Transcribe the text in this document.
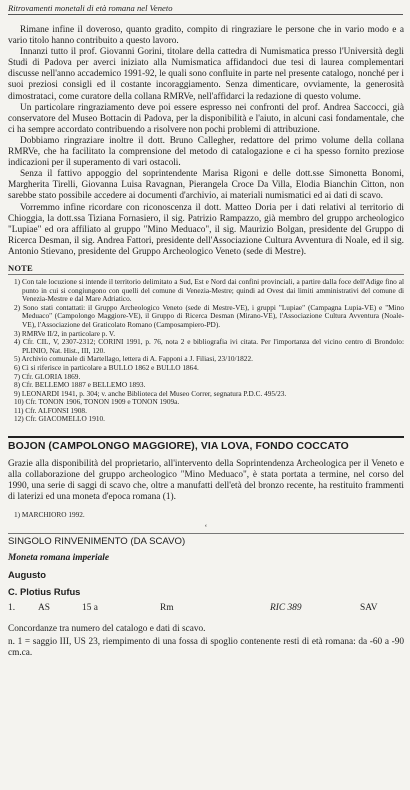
Ritrovamenti monetali di età romana nel Veneto

Rimane infine il doveroso, quanto gradito, compito di ringraziare le persone che in vario modo e a vario titolo hanno contribuito a questo lavoro.

Innanzi tutto il prof. Giovanni Gorini, titolare della cattedra di Numismatica presso l'Università degli Studi di Padova per averci iniziato alla Numismatica affidandoci due tesi di laurea complementari discusse nell'anno accademico 1991-92, le quali sono confluite in parte nel presente catalogo, nonché per i suoi preziosi consigli ed il costante incoraggiamento. Senza dimenticare, ovviamente, la generosità dimostrataci, come curatore della collana RMRVe, nell'affidarci la redazione di questo volume.

Un particolare ringraziamento deve poi essere espresso nei confronti del prof. Andrea Saccocci, già conservatore del Museo Bottacin di Padova, per la disponibilità e l'aiuto, in alcuni casi fondamentale, che ci ha sempre accordato contribuendo a risolvere non pochi problemi di attribuzione.

Dobbiamo ringraziare inoltre il dott. Bruno Callegher, redattore del primo volume della collana RMRVe, che ha facilitato la comprensione del metodo di catalogazione e ci ha spesso fornito preziose indicazioni per il superamento di vari ostacoli.

Senza il fattivo appoggio del soprintendente Marisa Rigoni e delle dott.sse Simonetta Bonomi, Margherita Tirelli, Giovanna Luisa Ravagnan, Pierangela Croce Da Villa, Elodia Bianchin Citton, non sarebbe stato possibile accedere ai documenti d'archivio, ai materiali numismatici ed ai dati di scavo.

Vorremmo infine ricordare con riconoscenza il dott. Matteo Doria per i dati relativi al territorio di Chioggia, la dott.ssa Tiziana Fornasiero, il sig. Patrizio Rampazzo, già membro del gruppo archeologico "Lupiae" ed ora affiliato al gruppo "Mino Meduaco", il sig. Maurizio Bolgan, presidente del Gruppo di Ricerca Desman, il sig. Andrea Fattori, presidente dell'Associazione Cultura Avventura di Noale, ed il sig. Antonio Stievano, presidente del Gruppo Archeologico Veneto (sede di Mestre).

NOTE

1) Con tale locuzione si intende il territorio delimitato a Sud, Est e Nord dai confini provinciali, a partire dalla foce dell'Adige fino al punto in cui si congiungono con quelli del comune di Venezia-Mestre; quindi ad Ovest dai limiti amministrativi del comune di Venezia-Mestre e dal Mare Adriatico.

2) Sono stati contattati: il Gruppo Archeologico Veneto (sede di Mestre-VE), i gruppi "Lupiae" (Campagna Lupia-VE) e "Mino Meduaco" (Campolongo Maggiore-VE), il Gruppo di Ricerca Desman (Mirano-VE), l'Associazione Cultura Avventura (Noale-VE), l'Associazione del Graticolato Romano (Camposampiero-PD).

3) RMRVe II/2, in particolare p. V.

4) Cfr. CIL, V, 2307-2312; CORINI 1991, p. 76, nota 2 e bibliografia ivi citata. Per l'importanza del vicino centro di Brondolo: PLINIO, Nat. Hist., III, 120.

5) Archivio comunale di Martellago, lettera di A. Fapponi a J. Filiasi, 23/10/1822.

6) Ci si riferisce in particolare a BULLO 1862 e BULLO 1864.

7) Cfr. GLORIA 1869.

8) Cfr. BELLEMO 1887 e BELLEMO 1893.

9) LEONARDI 1941, p. 304; v. anche Biblioteca del Museo Correr, segnatura P.D.C. 495/23.

10) Cfr. TONON 1906, TONON 1909 e TONON 1909a.

11) Cfr. ALFONSI 1908.

12) Cfr. GIACOMELLO 1910.

BOJON (CAMPOLONGO MAGGIORE), VIA LOVA, FONDO COCCATO

Grazie alla disponibilità del proprietario, all'intervento della Soprintendenza Archeologica per il Veneto e alla collaborazione del gruppo archeologico "Mino Meduaco", è stata portata a termine, nel corso del 1990, una serie di saggi di scavo che, oltre a manufatti dell'età del bronzo recente, ha restituito frammenti di laterizi ed una moneta d'epoca romana (1).

1) MARCHIORO 1992.
‘
SINGOLO RINVENIMENTO (DA SCAVO)
Moneta romana imperiale
Augusto
C. Plotius Rufus
1. AS	15 a	Rm	RIC 389	SAV

Concordanze tra numero del catalogo e dati di scavo.

n. 1 = saggio III, US 23, riempimento di una fossa di spoglio contenente resti di età romana: da -60 a -90 cm.ca.
